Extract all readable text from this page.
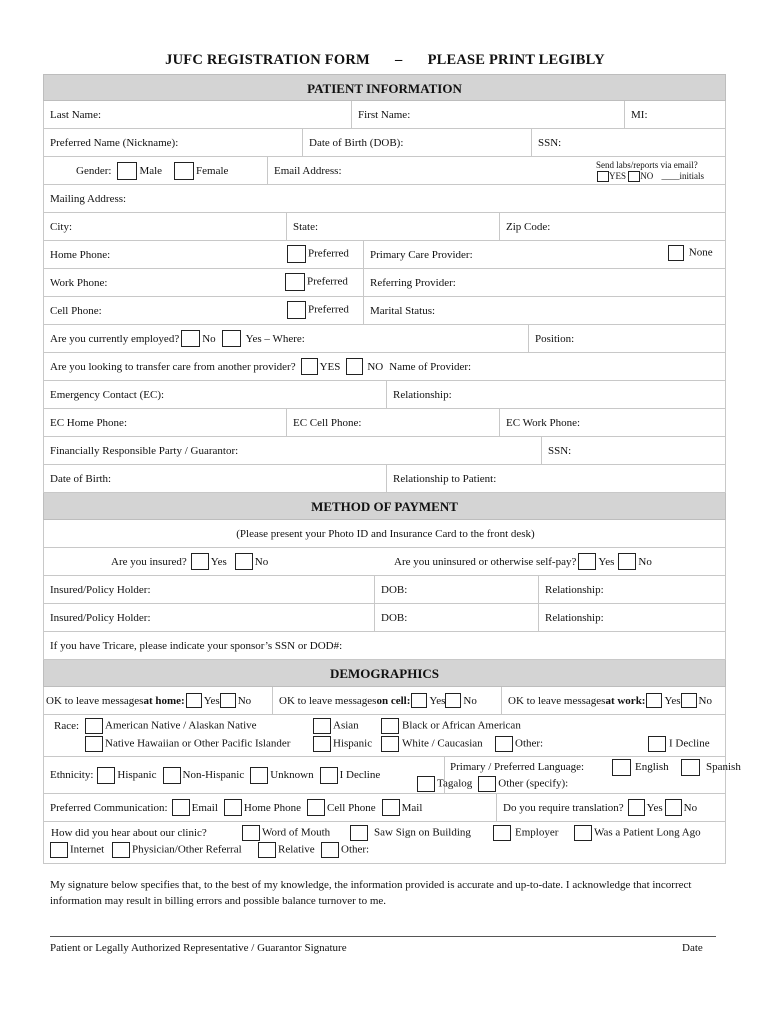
JUFC REGISTRATION FORM – PLEASE PRINT LEGIBLY
PATIENT INFORMATION
Last Name:	First Name:	MI:
Preferred Name (Nickname):	Date of Birth (DOB):	SSN:
Gender:	Male	Female	Email Address:	Send labs/reports via email?
YES NO ____initials
Mailing Address:
City:	State:	Zip Code:
Home Phone:	Preferred Primary Care Provider:	None
Work Phone:	Preferred Referring Provider:
Cell Phone:	Preferred Marital Status:
Are you currently employed? No	Yes – Where:	Position:
Are you looking to transfer care from another provider? YES NO Name of Provider:
Emergency Contact (EC):	Relationship:
EC Home Phone:	EC Cell Phone:	EC Work Phone:
Financially Responsible Party / Guarantor:	SSN:
Date of Birth:	Relationship to Patient:
METHOD OF PAYMENT
(Please present your Photo ID and Insurance Card to the front desk)
Are you insured? Yes	No	Are you uninsured or otherwise self-pay? Yes No
Insured/Policy Holder:	DOB:	Relationship:
Insured/Policy Holder:	DOB:	Relationship:
If you have Tricare, please indicate your sponsor’s SSN or DOD#:
DEMOGRAPHICS
OK to leave messages at home: Yes No	OK to leave messages on cell: Yes No	OK to leave messages at work: Yes No
Race:	American Native / Alaskan Native	Asian	Black or African American
Native Hawaiian or Other Pacific Islander	Hispanic	White / Caucasian	Other:	I Decline
Ethnicity: Hispanic Non-Hispanic Unknown I Decline
Primary / Preferred Language:	English	Spanish
Tagalog Other (specify):
Preferred Communication: Email Home Phone Cell Phone Mail	Do you require translation? Yes No
How did you hear about our clinic?	Word of Mouth	Saw Sign on Building	Employer	Was a Patient Long Ago
Internet	Physician/Other Referral	Relative	Other:
My signature below specifies that, to the best of my knowledge, the information provided is accurate and up-to-date. I acknowledge that incorrect information may result in billing errors and possible balance turnover to me.
Patient or Legally Authorized Representative / Guarantor Signature	Date
